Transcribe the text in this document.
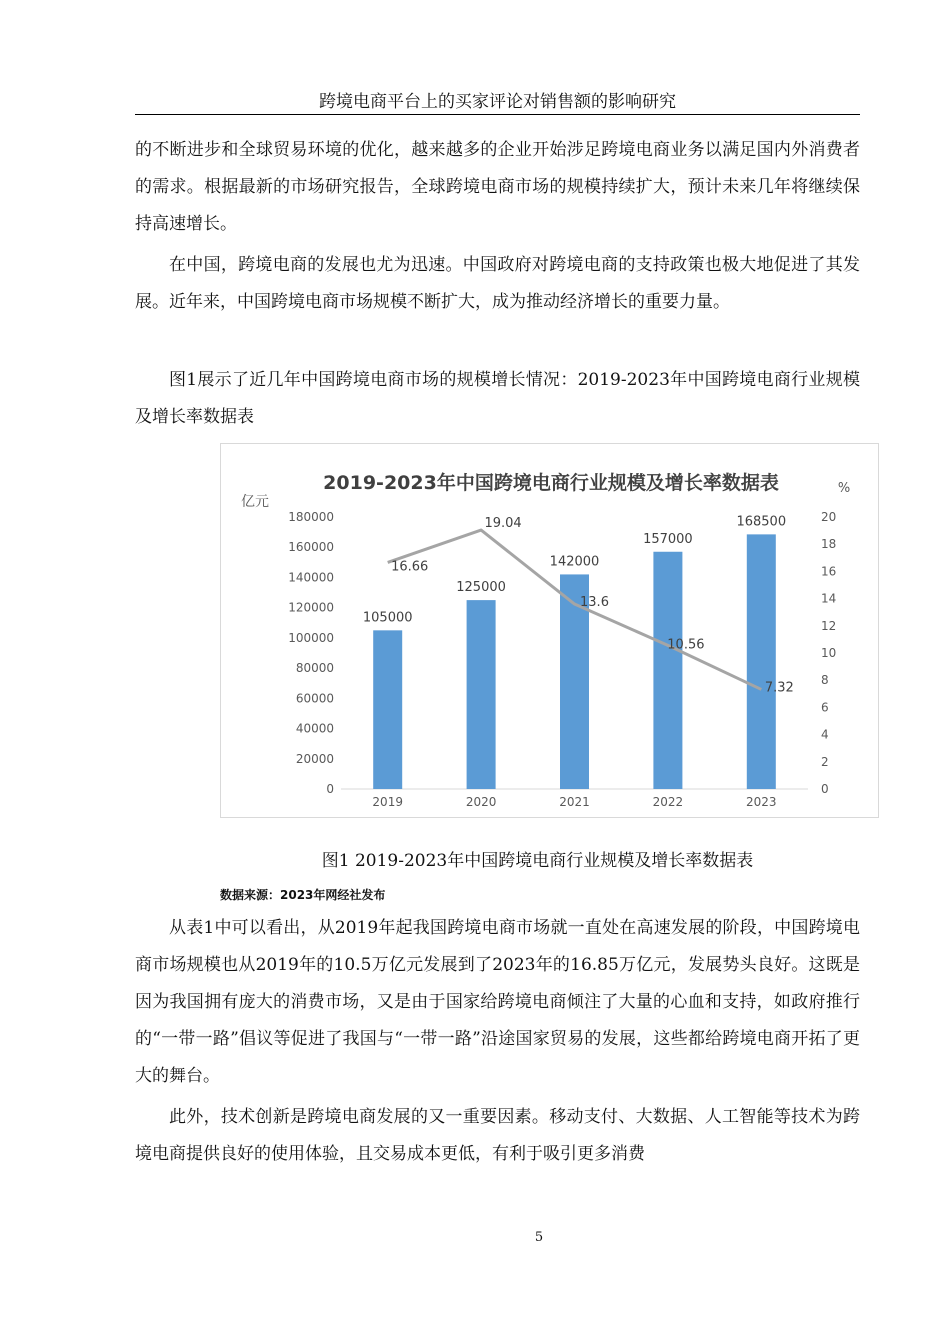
跨境电商平台上的买家评论对销售额的影响研究

的不断进步和全球贸易环境的优化，越来越多的企业开始涉足跨境电商业务以满足国内外消费者的需求。根据最新的市场研究报告，全球跨境电商市场的规模持续扩大，预计未来几年将继续保持高速增长。

在中国，跨境电商的发展也尤为迅速。中国政府对跨境电商的支持政策也极大地促进了其发展。近年来，中国跨境电商市场规模不断扩大，成为推动经济增长的重要力量。

图1展示了近几年中国跨境电商市场的规模增长情况：2019-2023年中国跨境电商行业规模及增长率数据表

2019-2023年中国跨境电商行业规模及增长率数据表
亿元
%
0
20000
40000
60000
80000
100000
120000
140000
160000
180000
0
2
4
6
8
10
12
14
16
18
20
105000
125000
142000
157000
168500
2019	2020	2021	2022	2023
16.66
19.04
13.6
10.56
7.32
图1 2019-2023年中国跨境电商行业规模及增长率数据表
数据来源：2023年网经社发布

从表1中可以看出，从2019年起我国跨境电商市场就一直处在高速发展的阶段，中国跨境电商市场规模也从2019年的10.5万亿元发展到了2023年的16.85万亿元，发展势头良好。这既是因为我国拥有庞大的消费市场，又是由于国家给跨境电商倾注了大量的心血和支持，如政府推行的“一带一路”倡议等促进了我国与“一带一路”沿途国家贸易的发展，这些都给跨境电商开拓了更大的舞台。

此外，技术创新是跨境电商发展的又一重要因素。移动支付、大数据、人工智能等技术为跨境电商提供良好的使用体验，且交易成本更低，有利于吸引更多消费

5
